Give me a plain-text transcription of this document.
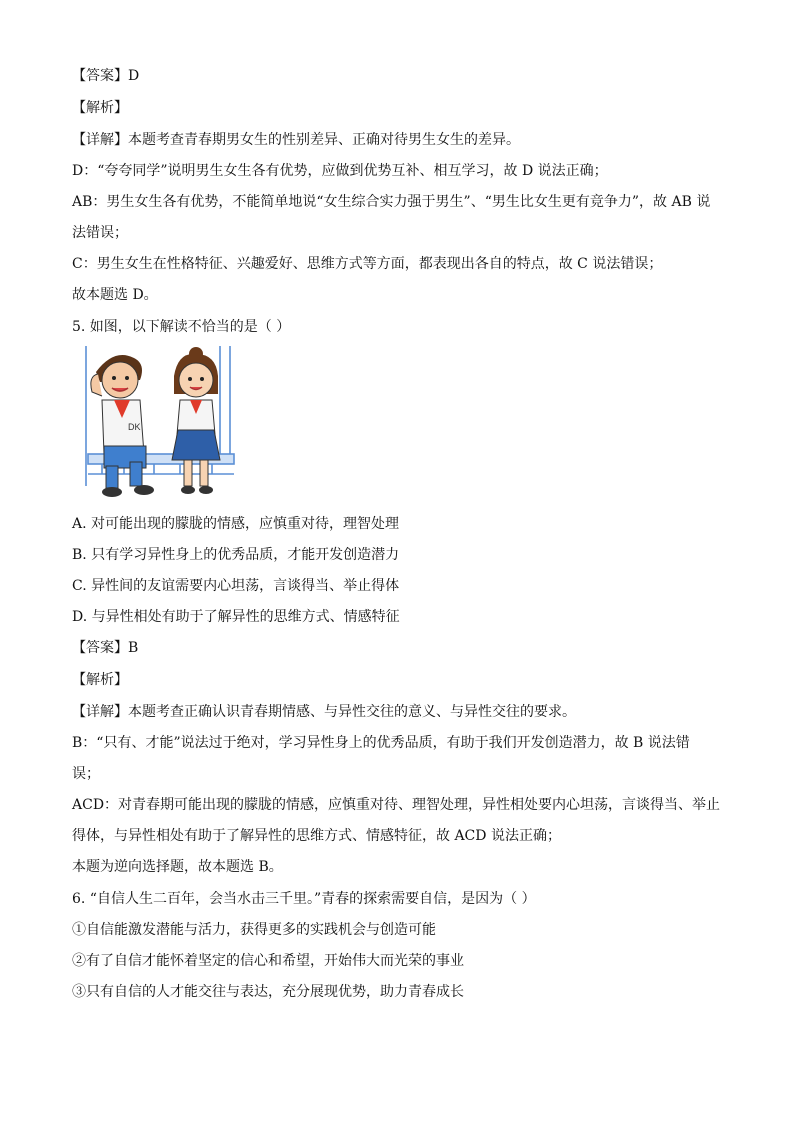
【答案】D
【解析】
【详解】本题考查青春期男女生的性别差异、正确对待男生女生的差异。
D：“夸夸同学”说明男生女生各有优势，应做到优势互补、相互学习，故 D 说法正确；
AB：男生女生各有优势，不能简单地说“女生综合实力强于男生”、“男生比女生更有竞争力”，故 AB 说
法错误；
C：男生女生在性格特征、兴趣爱好、思维方式等方面，都表现出各自的特点，故 C 说法错误；
故本题选 D。
5. 如图，以下解读不恰当的是（ ）
DK
A. 对可能出现的朦胧的情感，应慎重对待，理智处理
B. 只有学习异性身上的优秀品质，才能开发创造潜力
C. 异性间的友谊需要内心坦荡，言谈得当、举止得体
D. 与异性相处有助于了解异性的思维方式、情感特征
【答案】B
【解析】
【详解】本题考查正确认识青春期情感、与异性交往的意义、与异性交往的要求。
B：“只有、才能”说法过于绝对，学习异性身上的优秀品质，有助于我们开发创造潜力，故 B 说法错
误；
ACD：对青春期可能出现的朦胧的情感，应慎重对待、理智处理，异性相处要内心坦荡，言谈得当、举止
得体，与异性相处有助于了解异性的思维方式、情感特征，故 ACD 说法正确；
本题为逆向选择题，故本题选 B。
6. “自信人生二百年，会当水击三千里。”青春的探索需要自信，是因为（ ）
①自信能激发潜能与活力，获得更多的实践机会与创造可能
②有了自信才能怀着坚定的信心和希望，开始伟大而光荣的事业
③只有自信的人才能交往与表达，充分展现优势，助力青春成长
